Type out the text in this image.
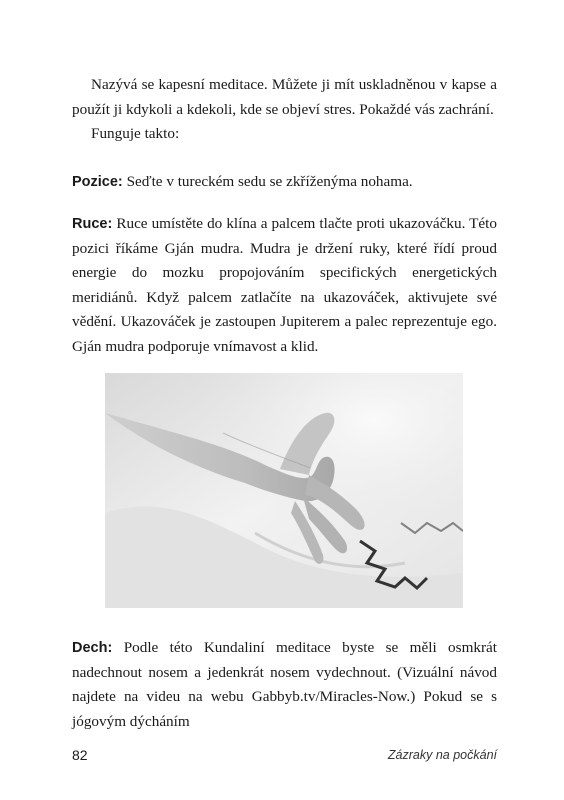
Nazývá se kapesní meditace. Můžete ji mít uskladněnou v kapse a použít ji kdykoli a kdekoli, kde se objeví stres. Pokaždé vás zachrání.

Funguje takto:

Pozice: Seďte v tureckém sedu se zkříženýma nohama.

Ruce: Ruce umístěte do klína a palcem tlačte proti ukazováčku. Této pozici říkáme Gján mudra. Mudra je držení ruky, které řídí proud energie do mozku propojováním specifických energetických meridiánů. Když palcem zatlačíte na ukazováček, aktivujete své vědění. Ukazováček je zastoupen Jupiterem a palec reprezentuje ego. Gján mudra podporuje vnímavost a klid.

Dech: Podle této Kundaliní meditace byste se měli osmkrát nadechnout nosem a jedenkrát nosem vydechnout. (Vizuální návod najdete na videu na webu Gabbyb.tv/Miracles-Now.) Pokud se s jógovým dýcháním

82	Zázraky na počkání
